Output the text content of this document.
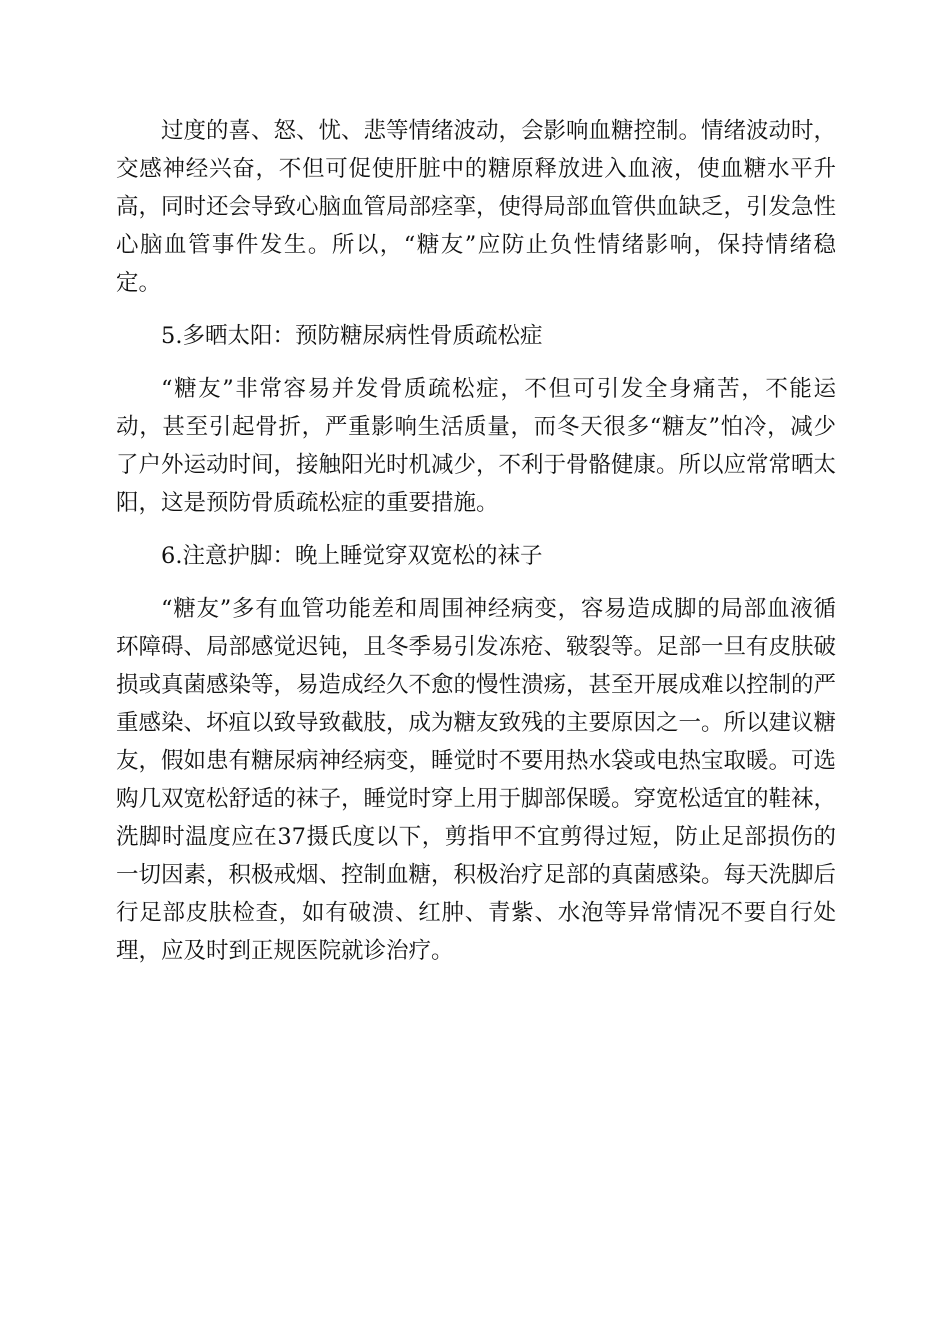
过度的喜、怒、忧、悲等情绪波动，会影响血糖控制。情绪波动时，交感神经兴奋，不但可促使肝脏中的糖原释放进入血液，使血糖水平升高，同时还会导致心脑血管局部痉挛，使得局部血管供血缺乏，引发急性心脑血管事件发生。所以，“糖友”应防止负性情绪影响，保持情绪稳定。

5.多晒太阳：预防糖尿病性骨质疏松症

“糖友”非常容易并发骨质疏松症，不但可引发全身痛苦，不能运动，甚至引起骨折，严重影响生活质量，而冬天很多“糖友”怕冷，减少了户外运动时间，接触阳光时机减少，不利于骨骼健康。所以应常常晒太阳，这是预防骨质疏松症的重要措施。

6.注意护脚：晚上睡觉穿双宽松的袜子

“糖友”多有血管功能差和周围神经病变，容易造成脚的局部血液循环障碍、局部感觉迟钝，且冬季易引发冻疮、皲裂等。足部一旦有皮肤破损或真菌感染等，易造成经久不愈的慢性溃疡，甚至开展成难以控制的严重感染、坏疽以致导致截肢，成为糖友致残的主要原因之一。所以建议糖友，假如患有糖尿病神经病变，睡觉时不要用热水袋或电热宝取暖。可选购几双宽松舒适的袜子，睡觉时穿上用于脚部保暖。穿宽松适宜的鞋袜，洗脚时温度应在37摄氏度以下，剪指甲不宜剪得过短，防止足部损伤的一切因素，积极戒烟、控制血糖，积极治疗足部的真菌感染。每天洗脚后行足部皮肤检查，如有破溃、红肿、青紫、水泡等异常情况不要自行处理，应及时到正规医院就诊治疗。
